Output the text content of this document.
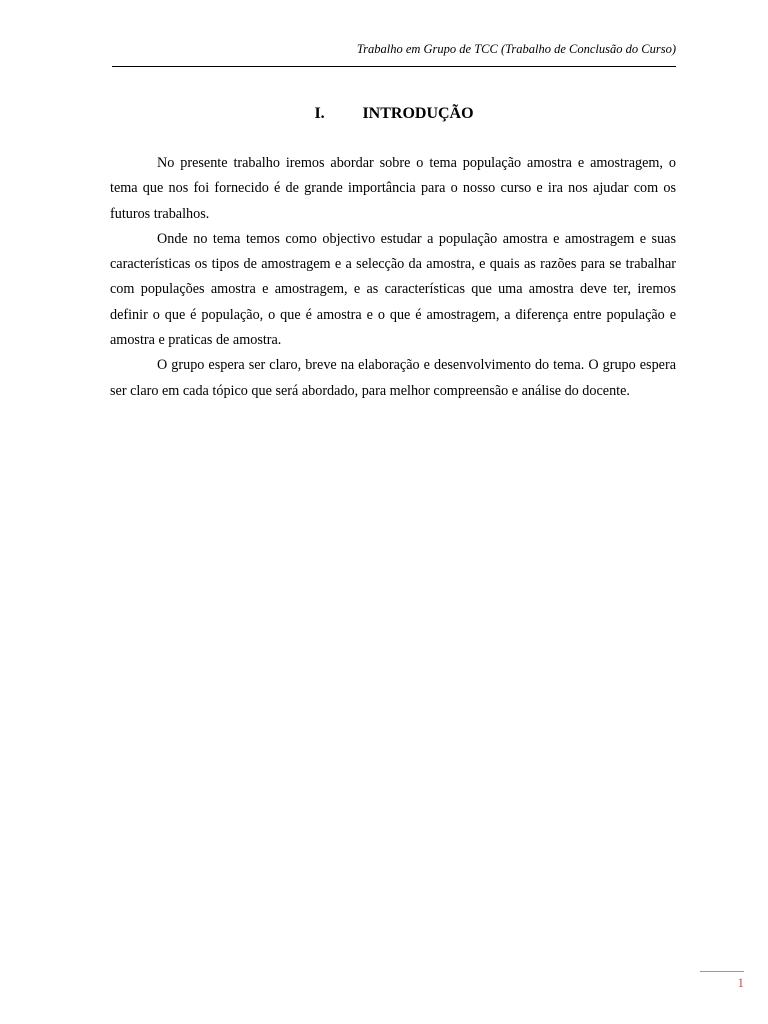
Trabalho em Grupo de TCC (Trabalho de Conclusão do Curso)
I. INTRODUÇÃO

No presente trabalho iremos abordar sobre o tema população amostra e amostragem, o tema que nos foi fornecido é de grande importância para o nosso curso e ira nos ajudar com os futuros trabalhos.

Onde no tema temos como objectivo estudar a população amostra e amostragem e suas características os tipos de amostragem e a selecção da amostra, e quais as razões para se trabalhar com populações amostra e amostragem, e as características que uma amostra deve ter, iremos definir o que é população, o que é amostra e o que é amostragem, a diferença entre população e amostra e praticas de amostra.

O grupo espera ser claro, breve na elaboração e desenvolvimento do tema. O grupo espera ser claro em cada tópico que será abordado, para melhor compreensão e análise do docente.

1
